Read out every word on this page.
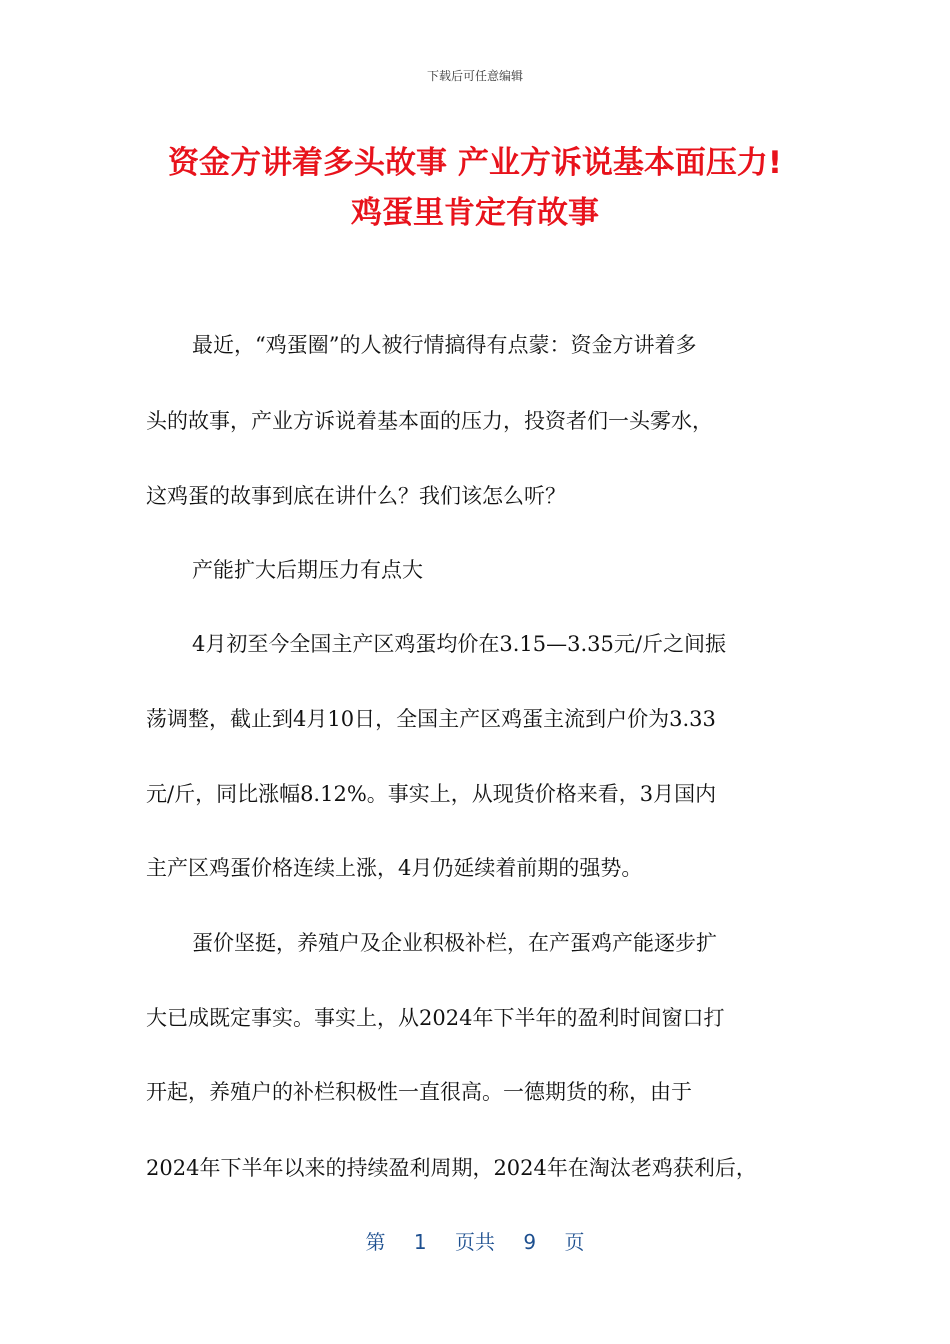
下载后可任意编辑
资金方讲着多头故事 产业方诉说基本面压力!
鸡蛋里肯定有故事
最近，“鸡蛋圈”的人被行情搞得有点蒙：资金方讲着多
头的故事，产业方诉说着基本面的压力，投资者们一头雾水，
这鸡蛋的故事到底在讲什么？我们该怎么听？
产能扩大后期压力有点大
4月初至今全国主产区鸡蛋均价在3.15—3.35元/斤之间振
荡调整，截止到4月10日，全国主产区鸡蛋主流到户价为3.33
元/斤，同比涨幅8.12%。事实上，从现货价格来看，3月国内
主产区鸡蛋价格连续上涨，4月仍延续着前期的强势。
蛋价坚挺，养殖户及企业积极补栏，在产蛋鸡产能逐步扩
大已成既定事实。事实上，从2024年下半年的盈利时间窗口打
开起，养殖户的补栏积极性一直很高。一德期货的称，由于
2024年下半年以来的持续盈利周期，2024年在淘汰老鸡获利后，
第 1 页共 9 页
